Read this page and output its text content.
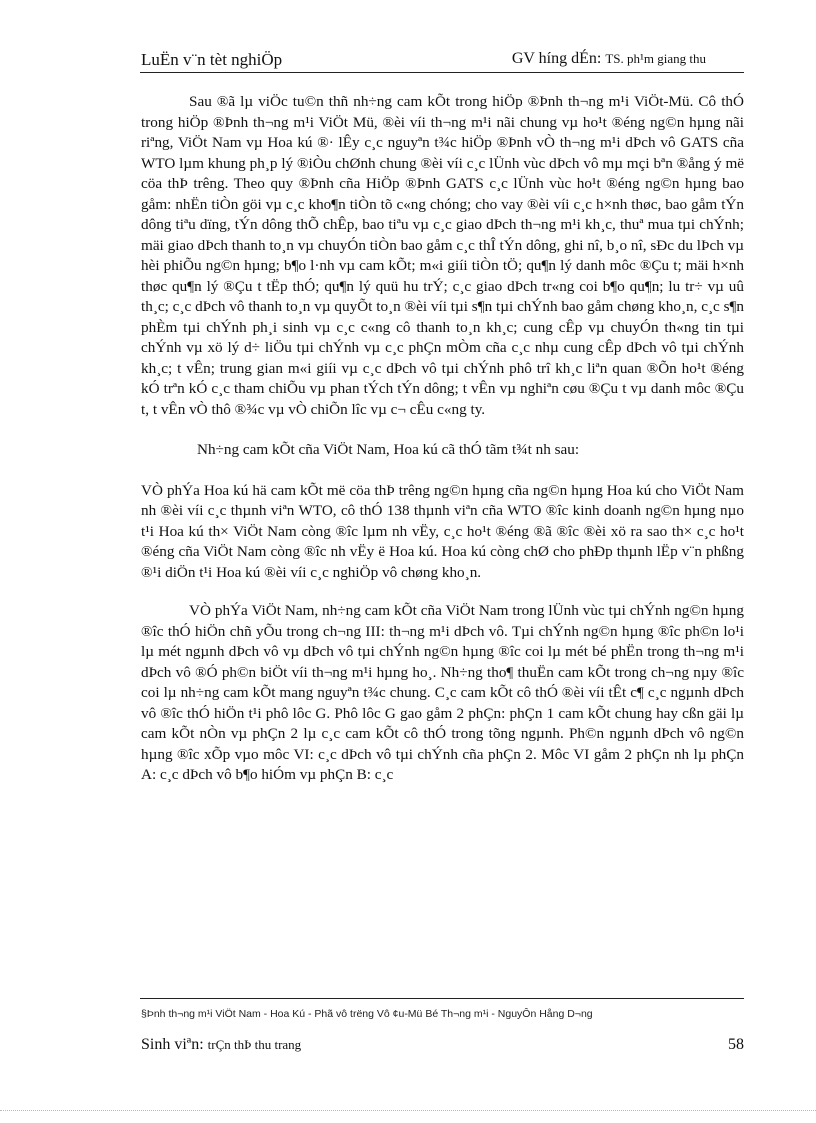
LuËn v¨n tèt nghiÖp	GV híng dÉn: TS. ph¹m giang thu

Sau ®ã lµ viÖc tu©n thñ nh÷ng cam kÕt trong hiÖp ®Þnh th¬ng m¹i ViÖt-Mü. Cô thÓ trong hiÖp ®Þnh th¬ng m¹i ViÖt Mü, ®èi víi th¬ng m¹i nãi chung vµ ho¹t ®éng ng©n hµng nãi riªng, ViÖt Nam vµ Hoa kú ®· lÊy c¸c nguyªn t¾c hiÖp ®Þnh vÒ th¬ng m¹i dÞch vô GATS cña WTO lµm khung ph¸p lý ®iÒu chØnh chung ®èi víi c¸c lÜnh vùc dÞch vô mµ mçi bªn ®ång ý më cöa thÞ trêng. Theo quy ®Þnh cña HiÖp ®Þnh GATS c¸c lÜnh vùc ho¹t ®éng ng©n hµng bao gåm: nhËn tiÒn göi vµ c¸c kho¶n tiÒn tõ c«ng chóng; cho vay ®èi víi c¸c h×nh thøc, bao gåm tÝn dông tiªu dïng, tÝn dông thÕ chÊp, bao tiªu vµ c¸c giao dÞch th¬ng m¹i kh¸c, thuª mua tµi chÝnh; mäi giao dÞch thanh to¸n vµ chuyÓn tiÒn bao gåm c¸c thÎ tÝn dông, ghi nî, b¸o nî, sÐc du lÞch vµ hèi phiÕu ng©n hµng; b¶o l·nh vµ cam kÕt; m«i giíi tiÒn tÖ; qu¶n lý danh môc ®Çu t; mäi h×nh thøc qu¶n lý ®Çu t tËp thÓ; qu¶n lý quü hu trÝ; c¸c giao dÞch tr«ng coi b¶o qu¶n; lu tr÷ vµ uû th¸c; c¸c dÞch vô thanh to¸n vµ quyÕt to¸n ®èi víi tµi s¶n tµi chÝnh bao gåm chøng kho¸n, c¸c s¶n phÈm tµi chÝnh ph¸i sinh vµ c¸c c«ng cô thanh to¸n kh¸c; cung cÊp vµ chuyÓn th«ng tin tµi chÝnh vµ xö lý d÷ liÖu tµi chÝnh vµ c¸c phÇn mÒm cña c¸c nhµ cung cÊp dÞch vô tµi chÝnh kh¸c; t vÊn; trung gian m«i giíi vµ c¸c dÞch vô tµi chÝnh phô trî kh¸c liªn quan ®Õn ho¹t ®éng kÓ trªn kÓ c¸c tham chiÕu vµ phan tÝch tÝn dông; t vÊn vµ nghiªn cøu ®Çu t vµ danh môc ®Çu t, t vÊn vÒ thô ®¾c vµ vÒ chiÕn lîc vµ c¬ cÊu c«ng ty.

Nh÷ng cam kÕt cña ViÖt Nam, Hoa kú cã thÓ tãm t¾t nh sau:

VÒ phÝa Hoa kú hä cam kÕt më cöa thÞ trêng ng©n hµng cña ng©n hµng Hoa kú cho ViÖt Nam nh ®èi víi c¸c thµnh viªn WTO, cô thÓ 138 thµnh viªn cña WTO ®îc kinh doanh ng©n hµng nµo t¹i Hoa kú th× ViÖt Nam còng ®îc lµm nh vËy, c¸c ho¹t ®éng ®ã ®îc ®èi xö ra sao th× c¸c ho¹t ®éng cña ViÖt Nam còng ®îc nh vËy ë Hoa kú. Hoa kú còng chØ cho phÐp thµnh lËp v¨n phßng ®¹i diÖn t¹i Hoa kú ®èi víi c¸c nghiÖp vô chøng kho¸n.

VÒ phÝa ViÖt Nam, nh÷ng cam kÕt cña ViÖt Nam trong lÜnh vùc tµi chÝnh ng©n hµng ®îc thÓ hiÖn chñ yÕu trong ch¬ng III: th¬ng m¹i dÞch vô. Tµi chÝnh ng©n hµng ®îc ph©n lo¹i lµ mét ngµnh dÞch vô vµ dÞch vô tµi chÝnh ng©n hµng ®îc coi lµ mét bé phËn trong th¬ng m¹i dÞch vô ®Ó ph©n biÖt víi th¬ng m¹i hµng ho¸. Nh÷ng tho¶ thuËn cam kÕt trong ch¬ng nµy ®îc coi lµ nh÷ng cam kÕt mang nguyªn t¾c chung. C¸c cam kÕt cô thÓ ®èi víi tÊt c¶ c¸c ngµnh dÞch vô ®îc thÓ hiÖn t¹i phô lôc G. Phô lôc G gao gåm 2 phÇn: phÇn 1 cam kÕt chung hay cßn gäi lµ cam kÕt nÒn vµ phÇn 2 lµ c¸c cam kÕt cô thÓ trong tõng ngµnh. Ph©n ngµnh dÞch vô ng©n hµng ®îc xÕp vµo môc VI: c¸c dÞch vô tµi chÝnh cña phÇn 2. Môc VI gåm 2 phÇn nh lµ phÇn A: c¸c dÞch vô b¶o hiÓm vµ phÇn B: c¸c

§Þnh th¬ng m¹i ViÖt Nam - Hoa Kú - Phã vô trëng Vô ¢u-Mü Bé Th¬ng m¹i - NguyÔn Hång D¬ng
Sinh viªn: trÇn thÞ thu trang	58
